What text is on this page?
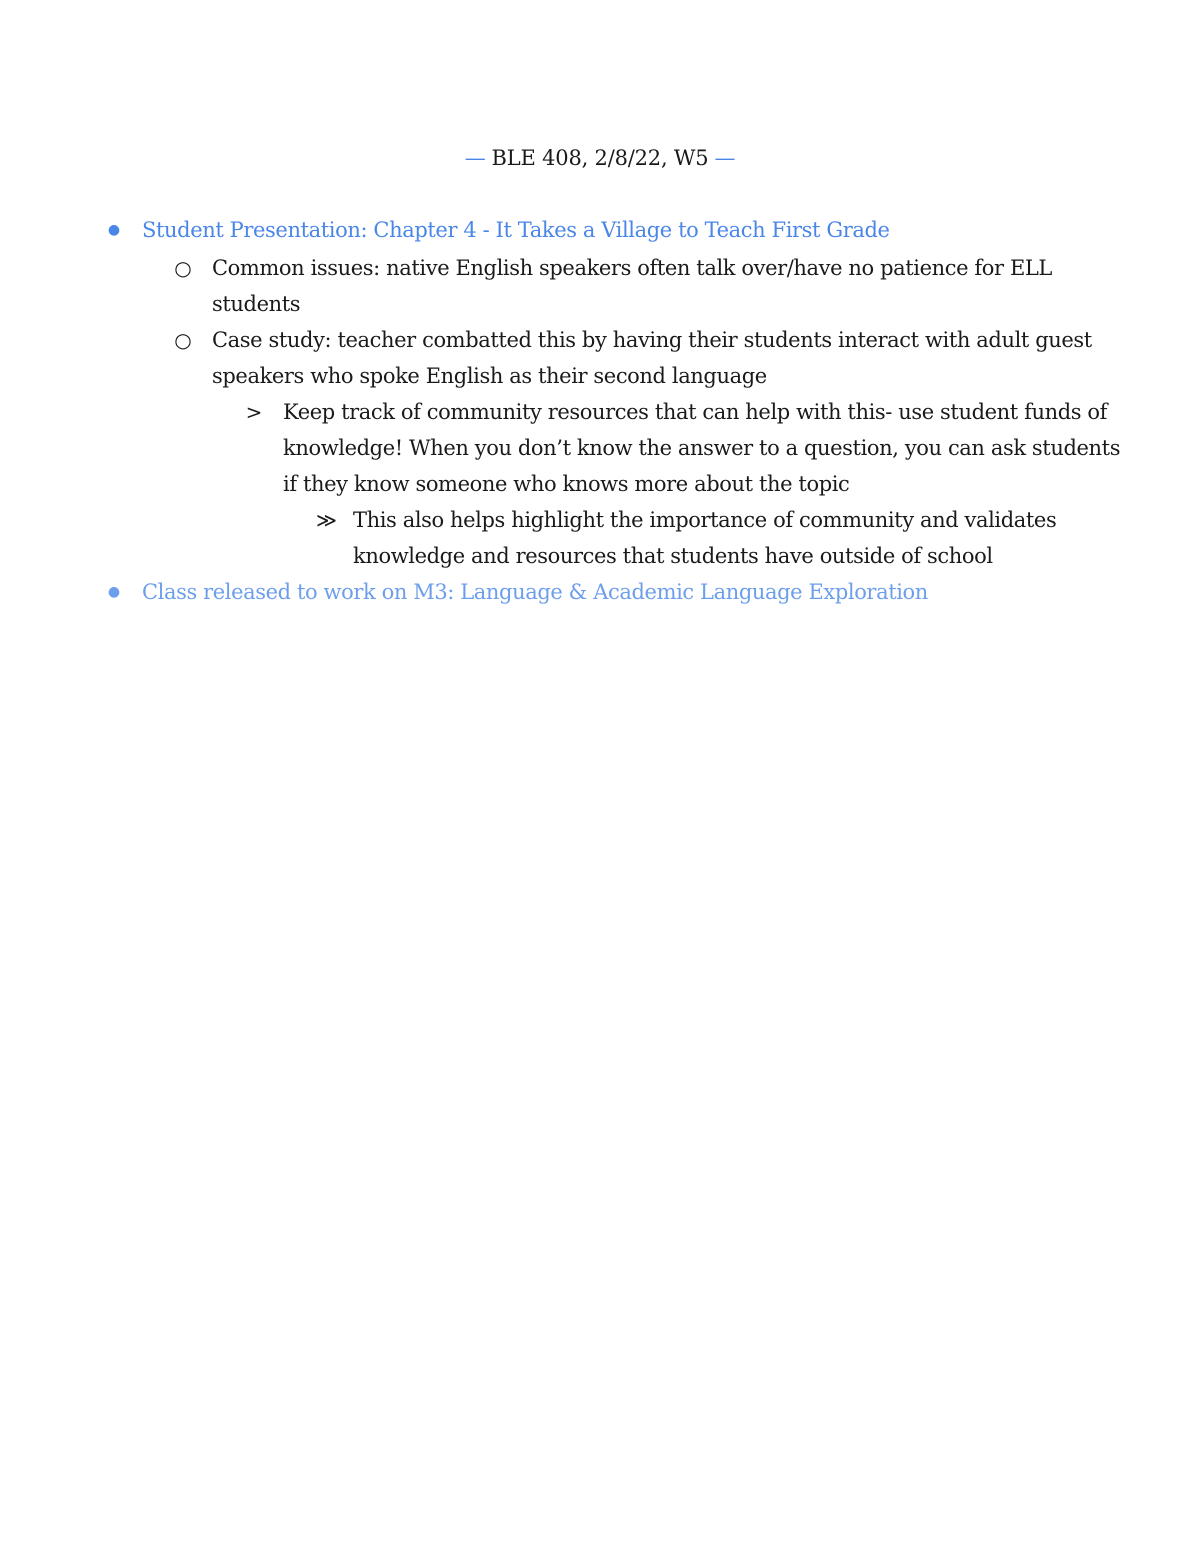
— BLE 408, 2/8/22, W5 —
● Student Presentation: Chapter 4 - It Takes a Village to Teach First Grade
○ Common issues: native English speakers often talk over/have no patience for ELL students
○ Case study: teacher combatted this by having their students interact with adult guest speakers who spoke English as their second language
> Keep track of community resources that can help with this- use student funds of knowledge! When you don’t know the answer to a question, you can ask students if they know someone who knows more about the topic
≫ This also helps highlight the importance of community and validates knowledge and resources that students have outside of school
● Class released to work on M3: Language & Academic Language Exploration
